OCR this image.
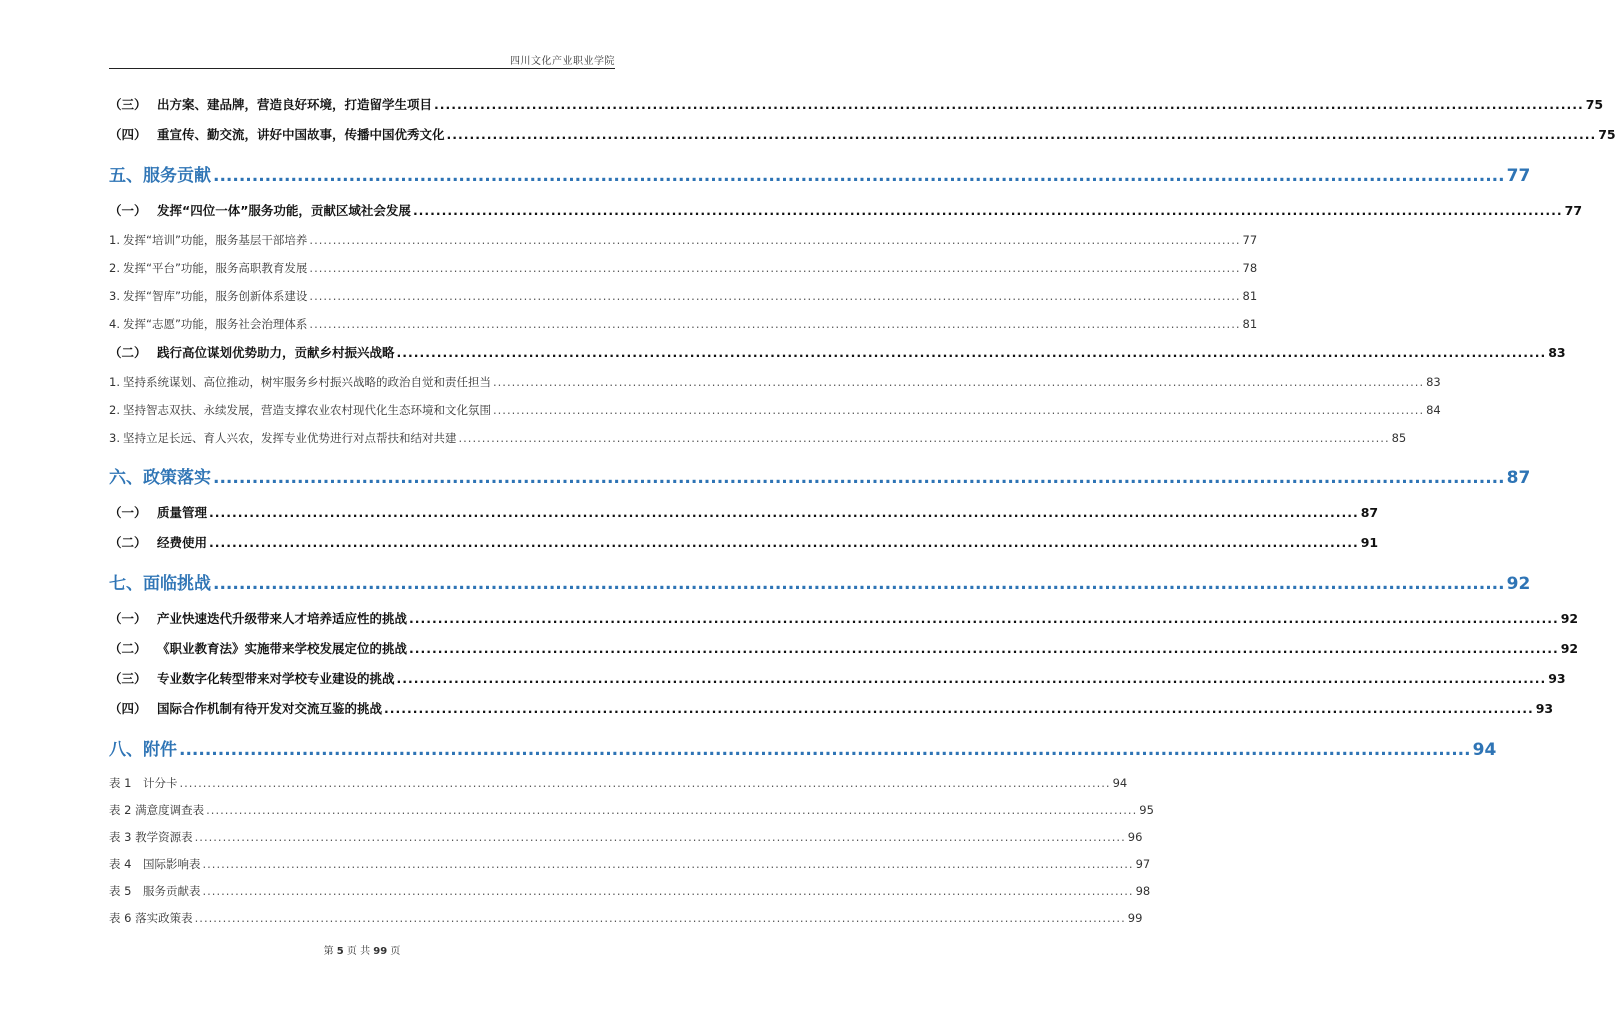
四川文化产业职业学院
（三） 出方案、建品牌，营造良好环境，打造留学生项目 ........................................................................................................................................................................................................ 75
（四） 重宣传、勤交流，讲好中国故事，传播中国优秀文化 ........................................................................................................................................................................................................ 75
五、服务贡献 ........................................................................................................................................................................................................ 77
（一） 发挥“四位一体”服务功能，贡献区域社会发展 ........................................................................................................................................................................................................ 77
1. 发挥“培训”功能，服务基层干部培养 ........................................................................................................................................................................................................ 77
2. 发挥“平台”功能，服务高职教育发展 ........................................................................................................................................................................................................ 78
3. 发挥“智库”功能，服务创新体系建设 ........................................................................................................................................................................................................ 81
4. 发挥“志愿”功能，服务社会治理体系 ........................................................................................................................................................................................................ 81
（二） 践行高位谋划优势助力，贡献乡村振兴战略 ........................................................................................................................................................................................................ 83
1. 坚持系统谋划、高位推动，树牢服务乡村振兴战略的政治自觉和责任担当 ........................................................................................................................................................................................................ 83
2. 坚持智志双扶、永续发展，营造支撑农业农村现代化生态环境和文化氛围 ........................................................................................................................................................................................................ 84
3. 坚持立足长远、育人兴农，发挥专业优势进行对点帮扶和结对共建 ........................................................................................................................................................................................................ 85
六、政策落实 ........................................................................................................................................................................................................ 87
（一） 质量管理 ........................................................................................................................................................................................................ 87
（二） 经费使用 ........................................................................................................................................................................................................ 91
七、面临挑战 ........................................................................................................................................................................................................ 92
（一） 产业快速迭代升级带来人才培养适应性的挑战 ........................................................................................................................................................................................................ 92
（二） 《职业教育法》实施带来学校发展定位的挑战 ........................................................................................................................................................................................................ 92
（三） 专业数字化转型带来对学校专业建设的挑战 ........................................................................................................................................................................................................ 93
（四） 国际合作机制有待开发对交流互鉴的挑战 ........................................................................................................................................................................................................ 93
八、附件 ........................................................................................................................................................................................................ 94
表 1　计分卡 ........................................................................................................................................................................................................ 94
表 2 满意度调查表 ........................................................................................................................................................................................................ 95
表 3 教学资源表 ........................................................................................................................................................................................................ 96
表 4　国际影响表 ........................................................................................................................................................................................................ 97
表 5　服务贡献表 ........................................................................................................................................................................................................ 98
表 6 落实政策表 ........................................................................................................................................................................................................ 99
第 5 页 共 99 页
